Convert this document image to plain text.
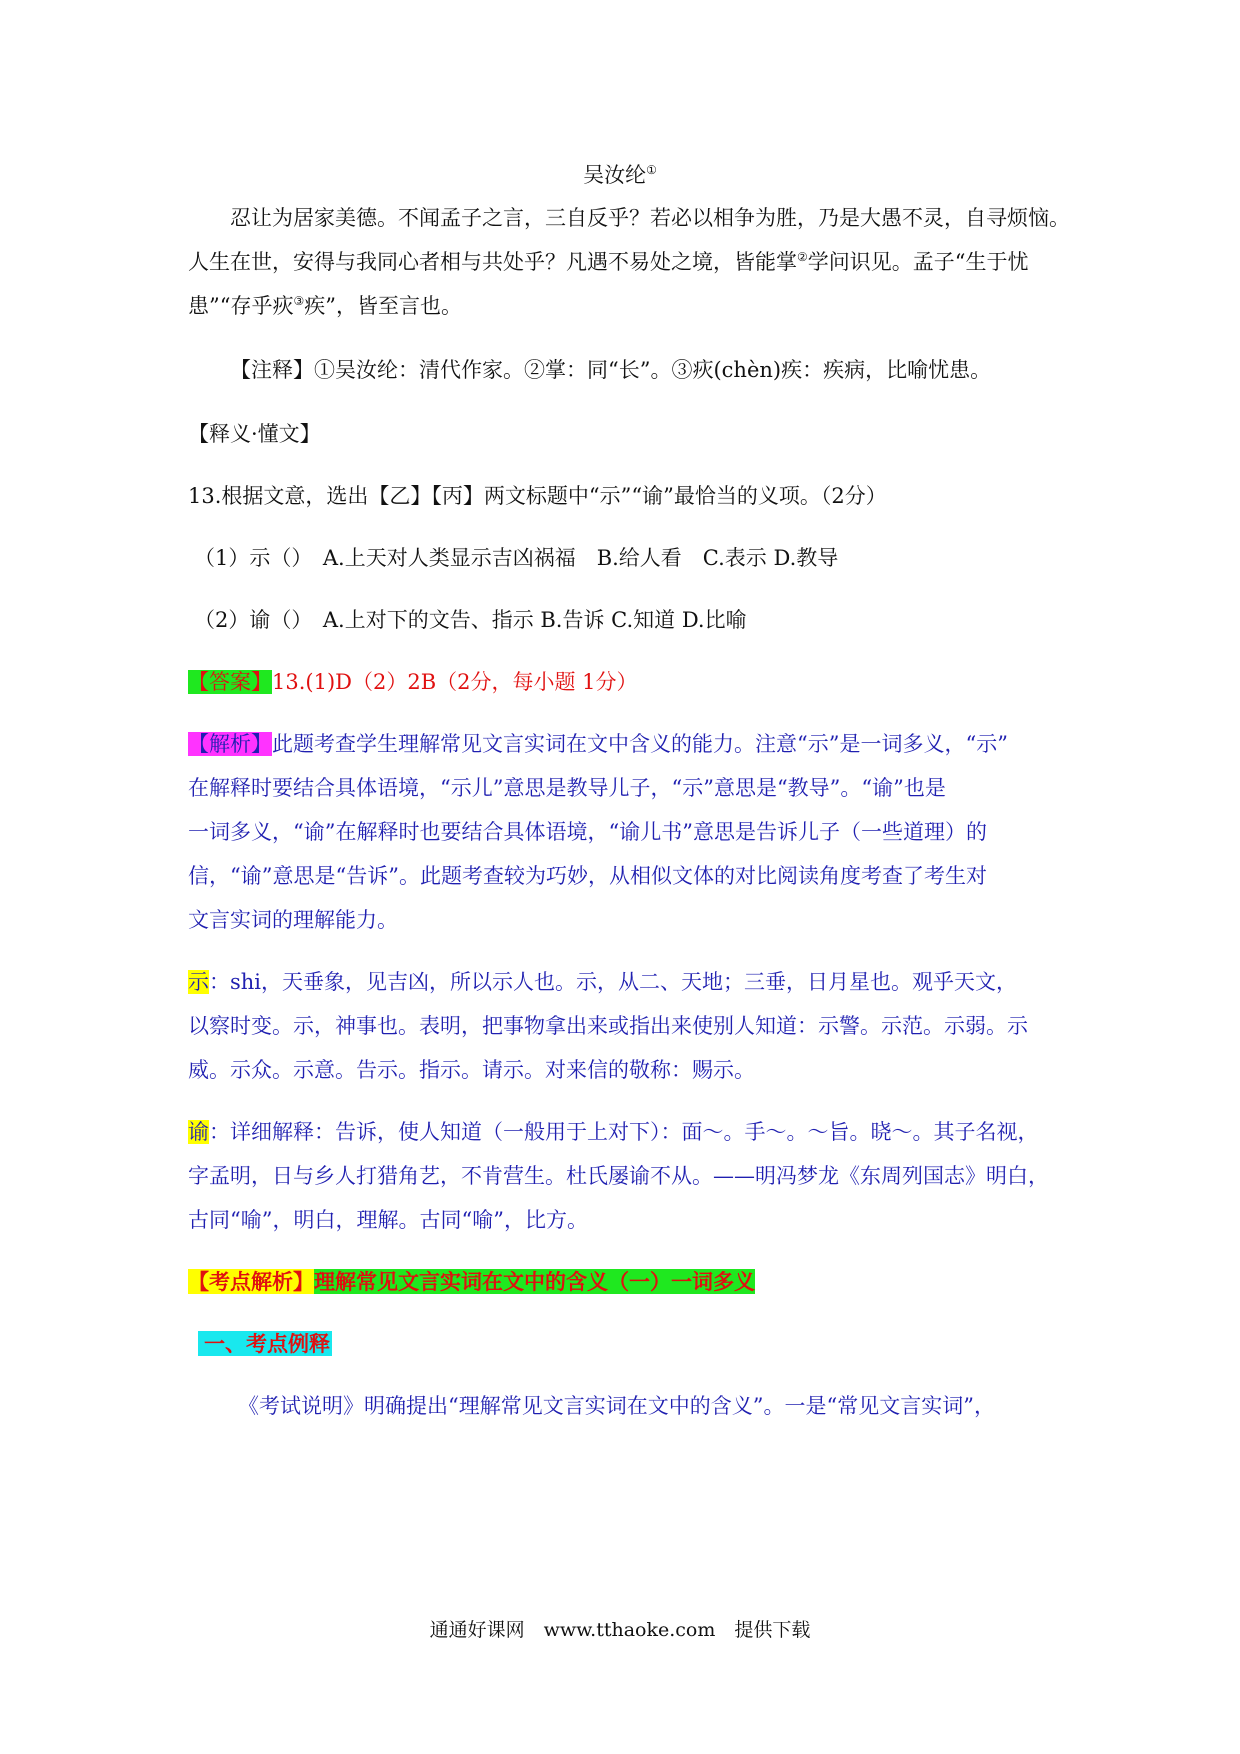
吴汝纶①
忍让为居家美德。不闻孟子之言，三自反乎？若必以相争为胜，乃是大愚不灵，自寻烦恼。
人生在世，安得与我同心者相与共处乎？凡遇不易处之境，皆能掌②学问识见。孟子“生于忧
患”“存乎疢③疾”，皆至言也。
【注释】①吴汝纶：清代作家。②掌：同“长”。③疢(chèn)疾：疾病，比喻忧患。
【释义·懂文】
13.根据文意，选出【乙】【丙】两文标题中“示”“谕”最恰当的义项。（2分）
（1）示（）　A.上天对人类显示吉凶祸福　B.给人看　C.表示 D.教导
（2）谕（）　A.上对下的文告、指示 B.告诉 C.知道 D.比喻
【答案】13.(1)D（2）2B（2分，每小题 1分）
【解析】此题考查学生理解常见文言实词在文中含义的能力。注意“示”是一词多义，“示”
在解释时要结合具体语境，“示儿”意思是教导儿子，“示”意思是“教导”。“谕”也是
一词多义，“谕”在解释时也要结合具体语境，“谕儿书”意思是告诉儿子（一些道理）的
信，“谕”意思是“告诉”。此题考查较为巧妙，从相似文体的对比阅读角度考查了考生对
文言实词的理解能力。
示：shi，天垂象，见吉凶，所以示人也。示，从二、天地；三垂，日月星也。观乎天文，
以察时变。示，神事也。表明，把事物拿出来或指出来使别人知道：示警。示范。示弱。示
威。示众。示意。告示。指示。请示。对来信的敬称：赐示。
谕：详细解释：告诉，使人知道（一般用于上对下）：面～。手～。～旨。晓～。其子名视，
字孟明，日与乡人打猎角艺，不肯营生。杜氏屡谕不从。——明冯梦龙《东周列国志》明白，
古同“喻”，明白，理解。古同“喻”，比方。
【考点解析】理解常见文言实词在文中的含义（一）一词多义
一、考点例释
《考试说明》明确提出“理解常见文言实词在文中的含义”。一是“常见文言实词”，
通通好课网　www.tthaoke.com　提供下载
